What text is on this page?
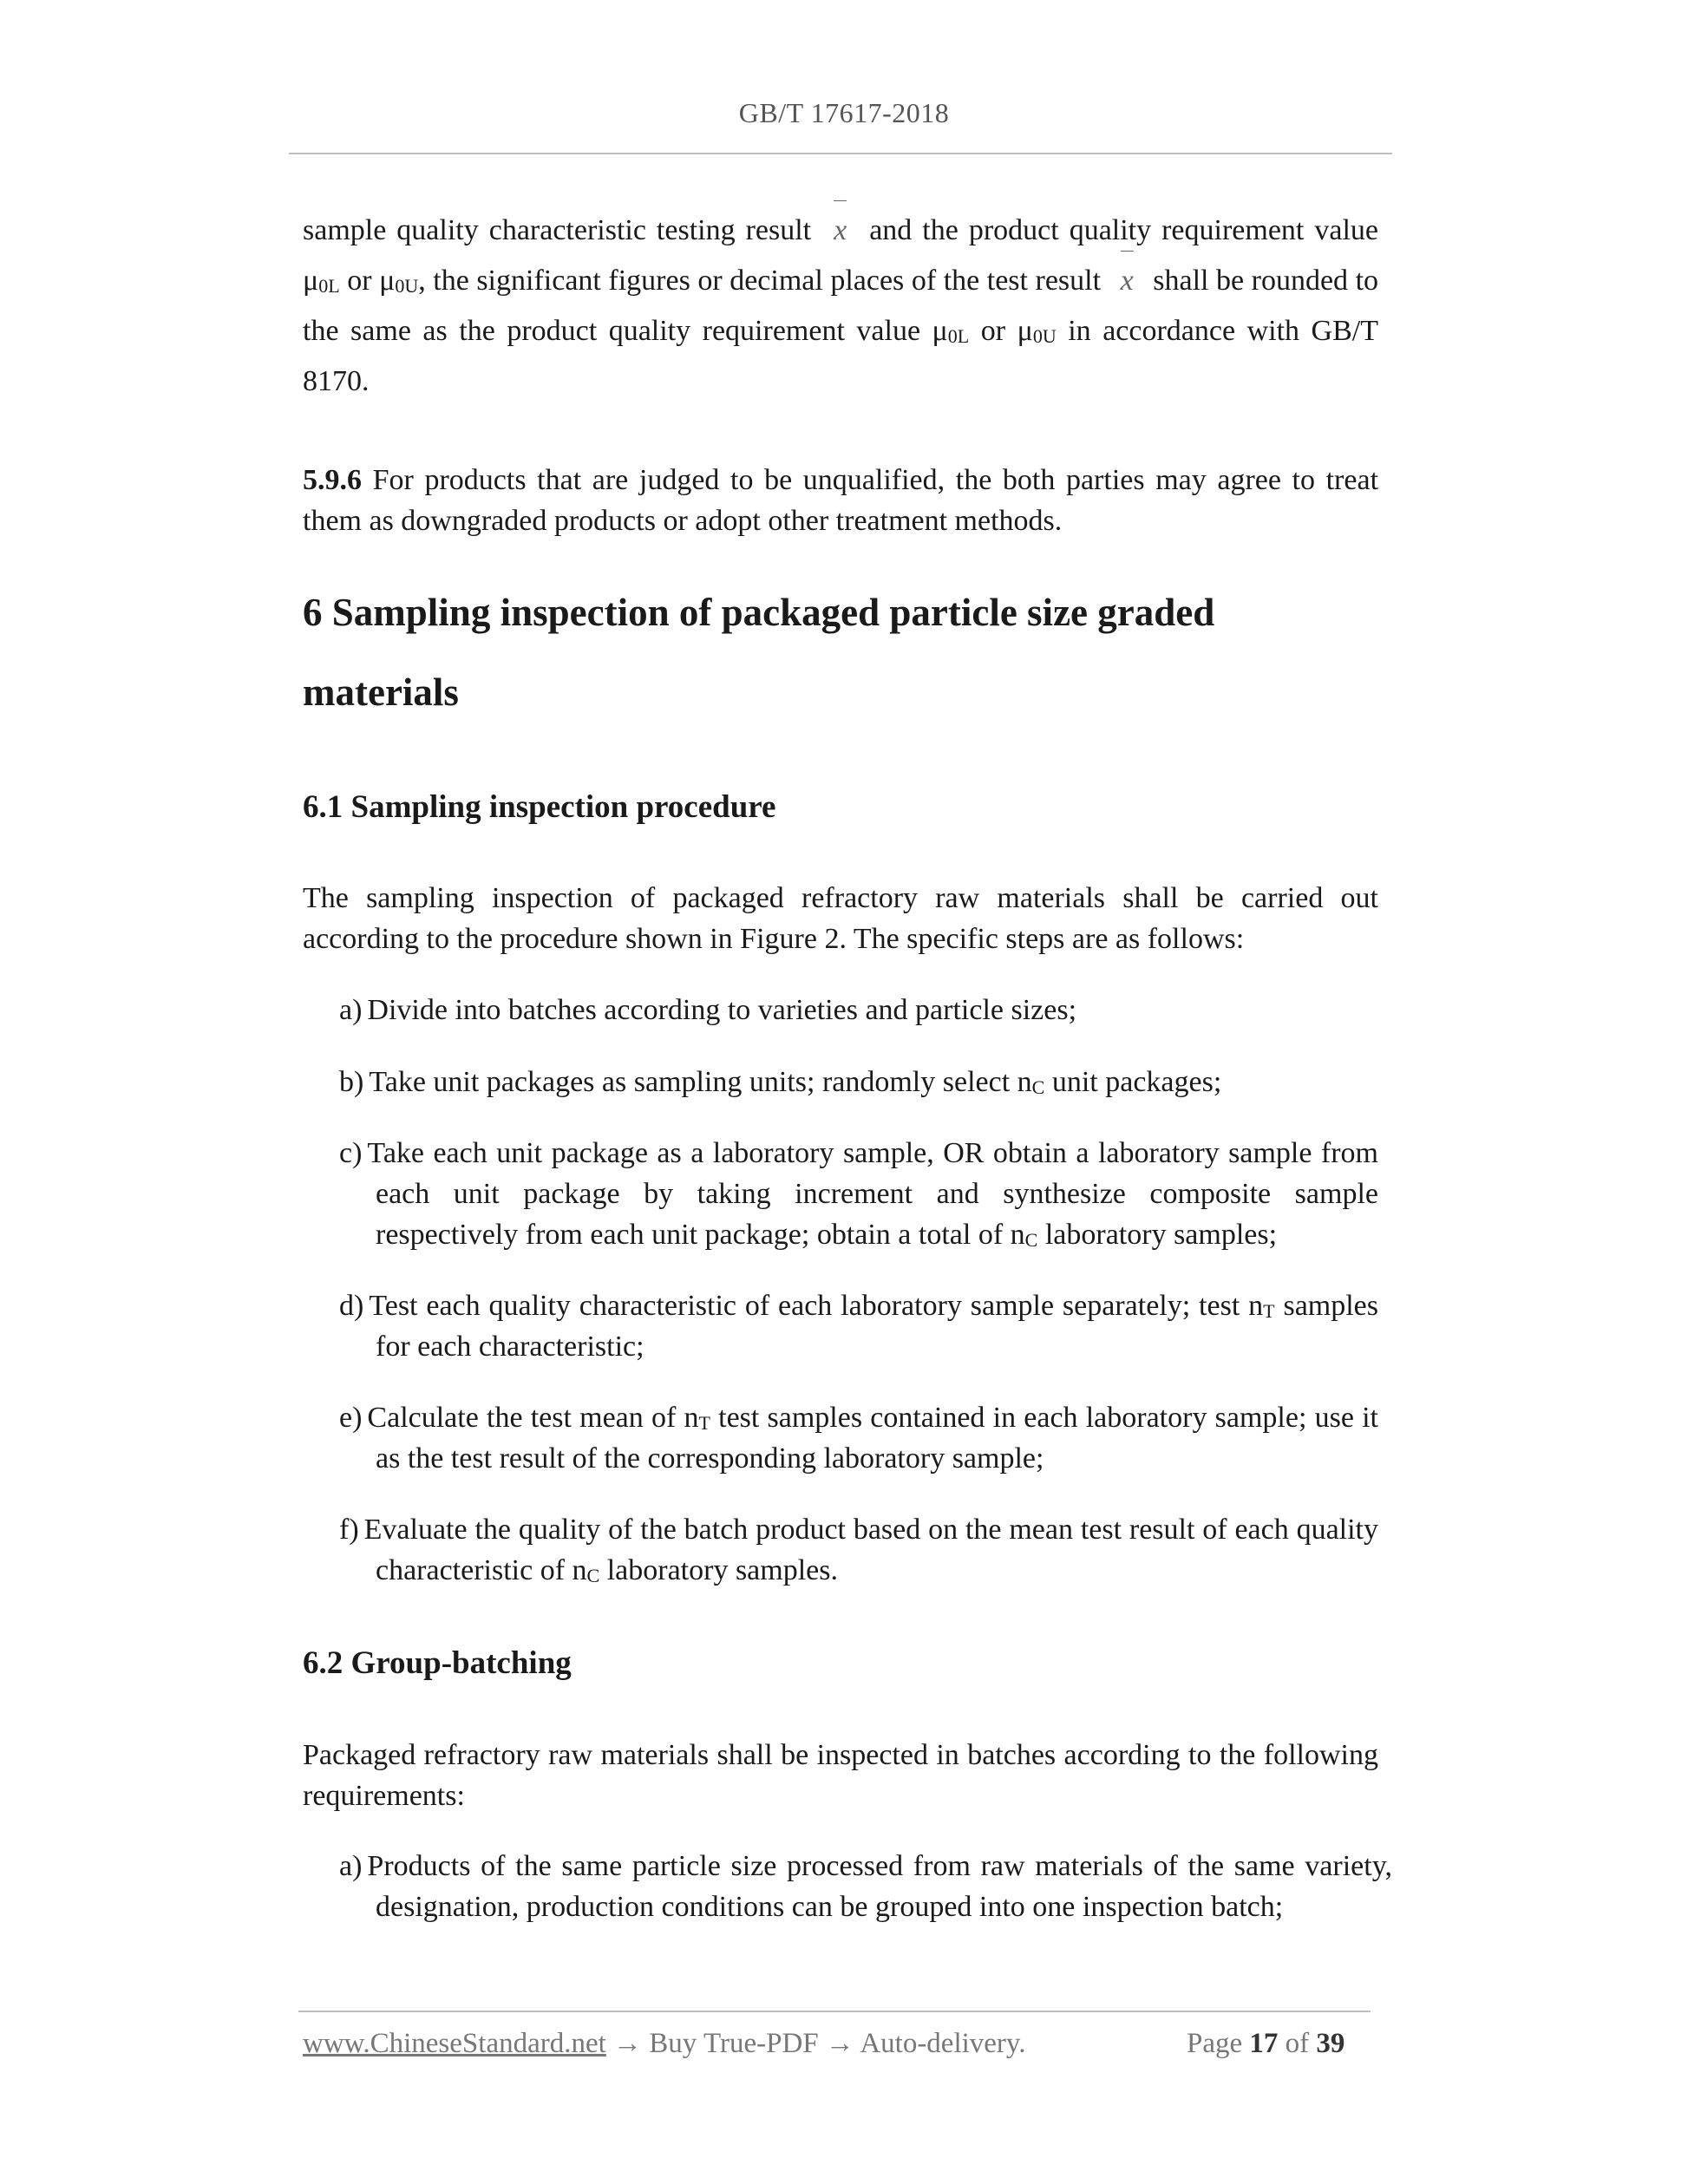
GB/T 17617-2018
sample quality characteristic testing result x and the product quality requirement value $\mu_{0L}$ or $\mu_{0U}$, the significant figures or decimal places of the test result x shall be rounded to the same as the product quality requirement value $\mu_{0L}$ or $\mu_{0U}$ in accordance with GB/T 8170.
5.9.6 For products that are judged to be unqualified, the both parties may agree to treat them as downgraded products or adopt other treatment methods.
6 Sampling inspection of packaged particle size graded materials
6.1 Sampling inspection procedure
The sampling inspection of packaged refractory raw materials shall be carried out according to the procedure shown in Figure 2. The specific steps are as follows:
a) Divide into batches according to varieties and particle sizes;
b) Take unit packages as sampling units; randomly select $n_C$ unit packages;
c) Take each unit package as a laboratory sample, OR obtain a laboratory sample from each unit package by taking increment and synthesize composite sample respectively from each unit package; obtain a total of $n_C$ laboratory samples;
d) Test each quality characteristic of each laboratory sample separately; test $n_T$ samples for each characteristic;
e) Calculate the test mean of $n_T$ test samples contained in each laboratory sample; use it as the test result of the corresponding laboratory sample;
f) Evaluate the quality of the batch product based on the mean test result of each quality characteristic of $n_C$ laboratory samples.
6.2 Group-batching
Packaged refractory raw materials shall be inspected in batches according to the following requirements:
a) Products of the same particle size processed from raw materials of the same variety, designation, production conditions can be grouped into one inspection batch;
www.ChineseStandard.net → Buy True-PDF → Auto-delivery.	Page 17 of 39
